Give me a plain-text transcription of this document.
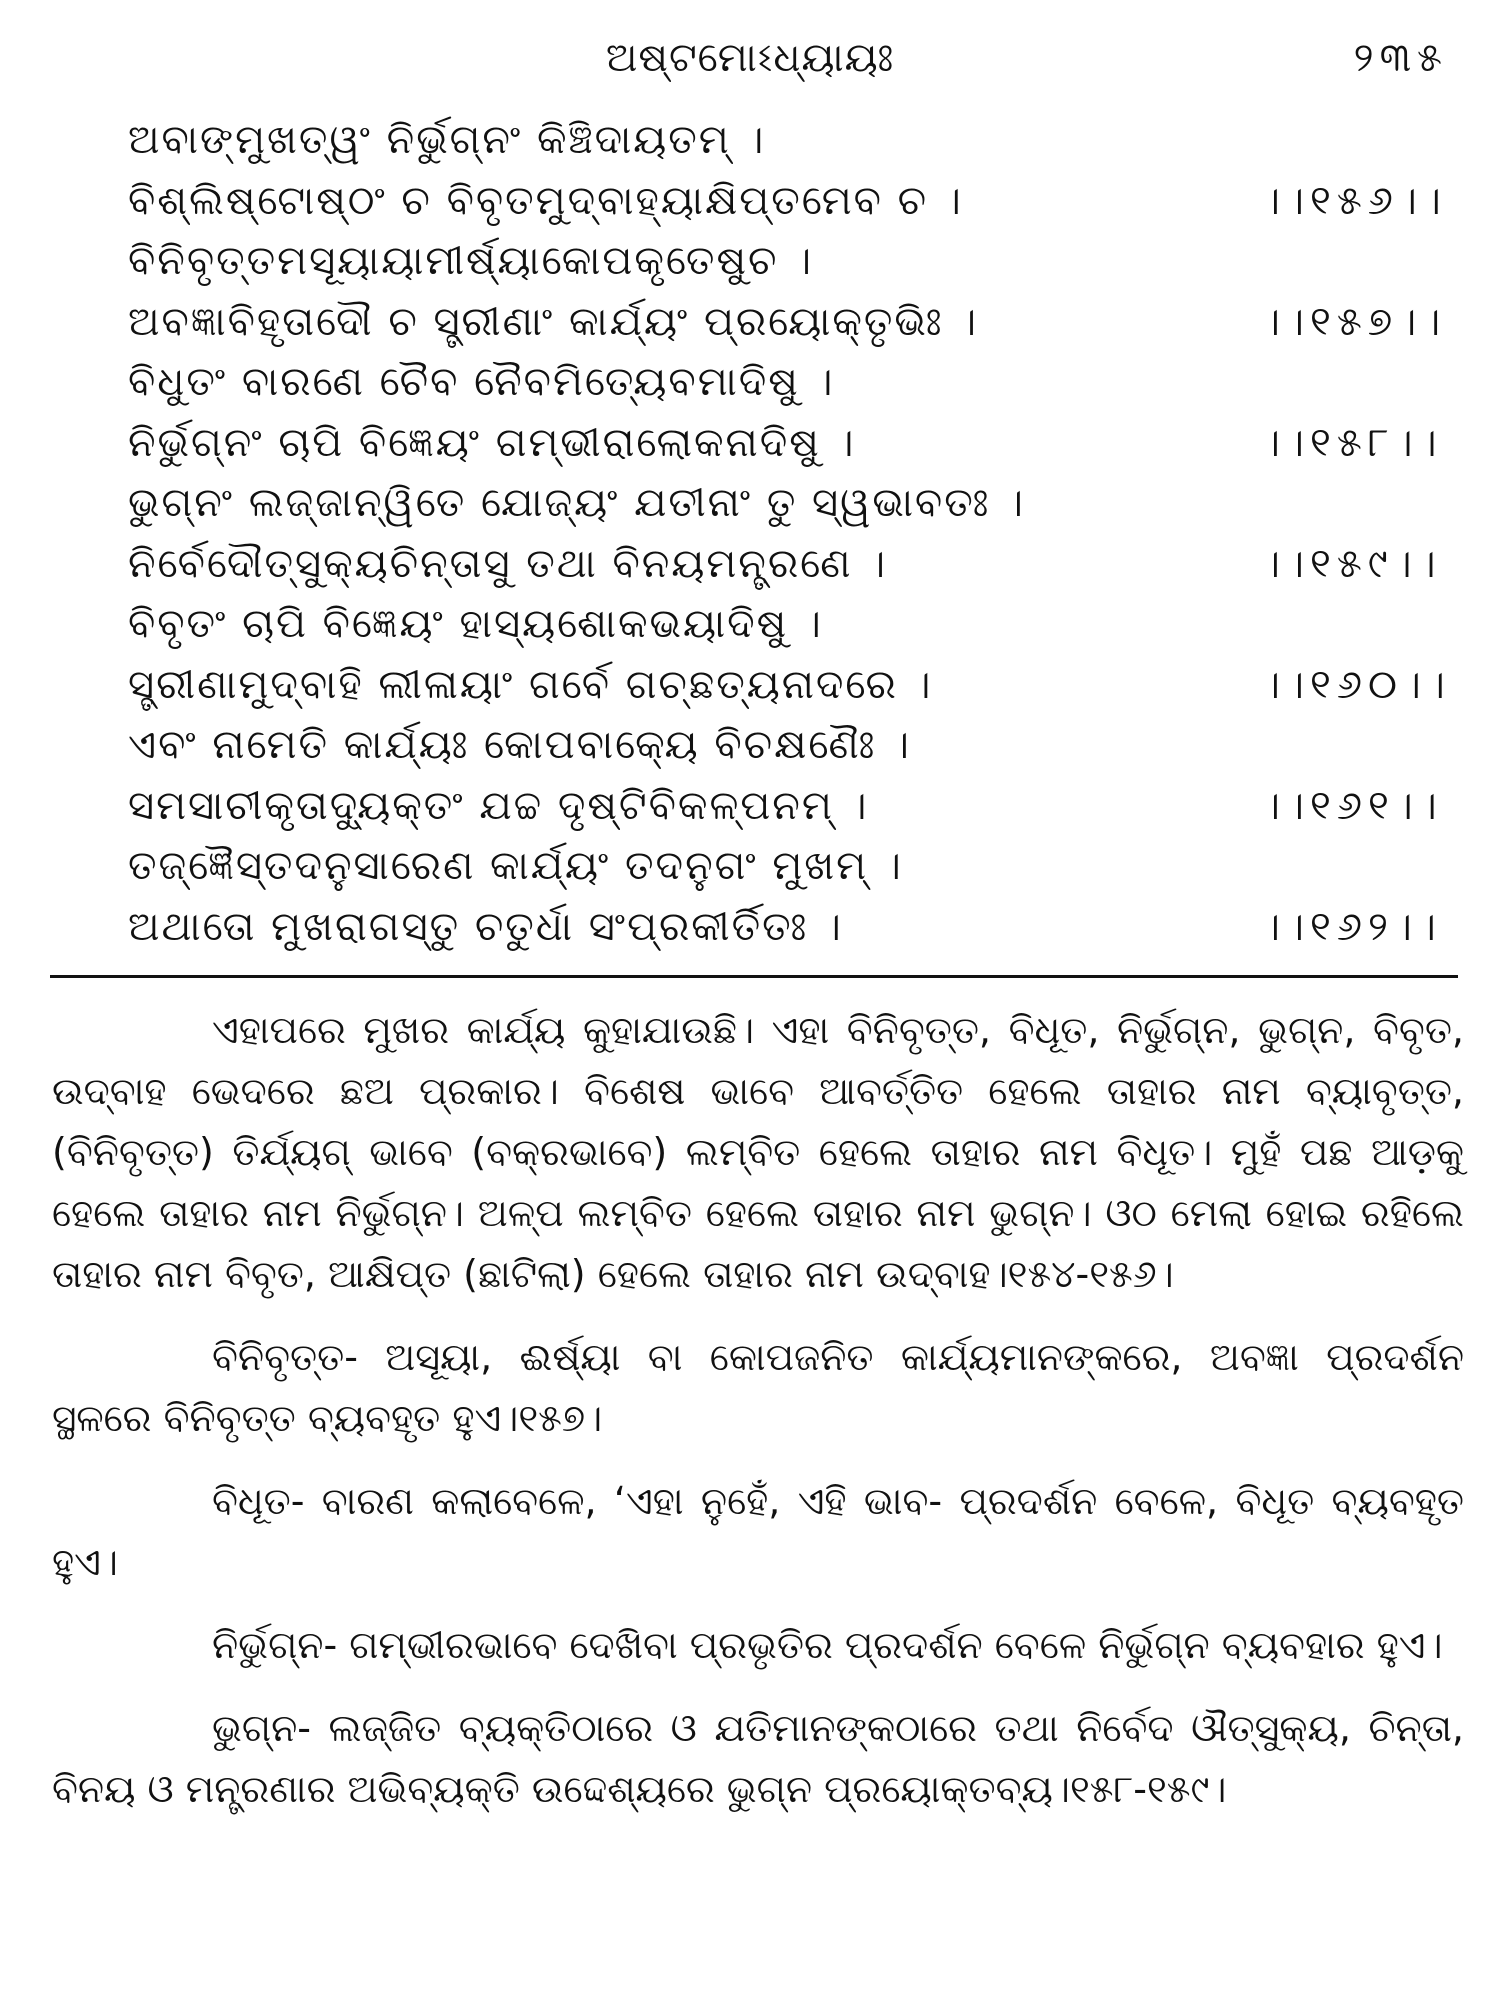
ଅଷ୍ଟମୋଽଧ୍ୟାୟଃ	୨୩୫
ଅବାଙ୍‌ମୁଖତ୍ୱଂ ନିର୍ଭୁଗ୍ନଂ କିଞ୍ଚିଦାୟତମ୍ ।
ବିଶ୍ଲିଷ୍ଟୋଷ୍ଠଂ ଚ ବିବୃତମୁଦ୍‌ବାହ୍ୟାକ୍ଷିପ୍ତମେବ ଚ ।	।।୧୫୬।।
ବିନିବୃତ୍ତମସୂୟାୟାମୀର୍ଷ୍ୟାକୋପକୃତେଷୁଚ ।
ଅବଜ୍ଞାବିହୃତାଦୌ ଚ ସ୍ତ୍ରୀଣାଂ କାର୍ଯ୍ୟଂ ପ୍ରୟୋକ୍ତୃଭିଃ ।	।।୧୫୭।।
ବିଧୁତଂ ବାରଣେ ଚୈବ ନୈବମିତ୍ୟେବମାଦିଷୁ ।
ନିର୍ଭୁଗ୍ନଂ ଚାପି ବିଜ୍ଞେୟଂ ଗମ୍ଭୀରାଲୋକନାଦିଷୁ ।	।।୧୫୮।।
ଭୁଗ୍ନଂ ଲଜ୍ଜାନ୍ୱିତେ ଯୋଜ୍ୟଂ ଯତୀନାଂ ତୁ ସ୍ୱଭାବତଃ ।
ନିର୍ବେଦୌତ୍ସୁକ୍ୟଚିନ୍ତାସୁ ତଥା ବିନୟମନ୍ତ୍ରଣେ ।	।।୧୫୯।।
ବିବୃତଂ ଚାପି ବିଜ୍ଞେୟଂ ହାସ୍ୟଶୋକଭୟାଦିଷୁ ।
ସ୍ତ୍ରୀଣାମୁଦ୍‌ବାହି ଲୀଳାୟାଂ ଗର୍ବେ ଗଚ୍ଛତ୍ୟନାଦରେ ।	।।୧୬୦।।
ଏବଂ ନାମେତି କାର୍ଯ୍ୟଃ କୋପବାକ୍ୟେ ବିଚକ୍ଷଣୈଃ ।
ସମସାଚୀକୃତାଦ୍ୟୁକ୍ତଂ ଯଚ୍ଚ ଦୃଷ୍ଟିବିକଳ୍ପନମ୍ ।	।।୧୬୧।।
ତଜ୍‌ଜ୍ଞୈସ୍ତଦନୁସାରେଣ କାର୍ଯ୍ୟଂ ତଦନୁଗଂ ମୁଖମ୍ ।
ଅଥାତୋ ମୁଖରାଗସ୍ତୁ ଚତୁର୍ଧା ସଂପ୍ରକୀର୍ତିତଃ ।	।।୧୬୨।।

ଏହାପରେ ମୁଖର କାର୍ଯ୍ୟ କୁହାଯାଉଛି। ଏହା ବିନିବୃତ୍ତ, ବିଧୂତ, ନିର୍ଭୁଗ୍ନ, ଭୁଗ୍ନ, ବିବୃତ, ଉଦ୍‌ବାହ ଭେଦରେ ଛଅ ପ୍ରକାର। ବିଶେଷ ଭାବେ ଆବର୍ତ୍ତିତ ହେଲେ ତାହାର ନାମ ବ୍ୟାବୃତ୍ତ, (ବିନିବୃତ୍ତ) ତିର୍ଯ୍ୟଗ୍ ଭାବେ (ବକ୍ରଭାବେ) ଲମ୍ବିତ ହେଲେ ତାହାର ନାମ ବିଧୂତ। ମୁହଁ ପଛ ଆଡ଼କୁ ହେଲେ ତାହାର ନାମ ନିର୍ଭୁଗ୍ନ। ଅଳ୍ପ ଲମ୍ବିତ ହେଲେ ତାହାର ନାମ ଭୁଗ୍ନ। ଓଠ ମେଲା ହୋଇ ରହିଲେ ତାହାର ନାମ ବିବୃତ, ଆକ୍ଷିପ୍ତ (ଛାଟିଲା) ହେଲେ ତାହାର ନାମ ଉଦ୍‌ବାହ।୧୫୪-୧୫୬।

ବିନିବୃତ୍ତ- ଅସୂୟା, ଈର୍ଷ୍ୟା ବା କୋପଜନିତ କାର୍ଯ୍ୟମାନଙ୍କରେ, ଅବଜ୍ଞା ପ୍ରଦର୍ଶନ ସ୍ଥଳରେ ବିନିବୃତ୍ତ ବ୍ୟବହୃତ ହୁଏ।୧୫୭।

ବିଧୂତ- ବାରଣ କଲାବେଳେ, ‘ଏହା ନୁହେଁ, ଏହି ଭାବ- ପ୍ରଦର୍ଶନ ବେଳେ, ବିଧୂତ ବ୍ୟବହୃତ ହୁଏ।

ନିର୍ଭୁଗ୍ନ- ଗମ୍ଭୀରଭାବେ ଦେଖିବା ପ୍ରଭୃତିର ପ୍ରଦର୍ଶନ ବେଳେ ନିର୍ଭୁଗ୍ନ ବ୍ୟବହାର ହୁଏ।

ଭୁଗ୍ନ- ଲଜ୍ଜିତ ବ୍ୟକ୍ତିଠାରେ ଓ ଯତିମାନଙ୍କଠାରେ ତଥା ନିର୍ବେଦ ଔତ୍ସୁକ୍ୟ, ଚିନ୍ତା, ବିନୟ ଓ ମନ୍ତ୍ରଣାର ଅଭିବ୍ୟକ୍ତି ଉଦ୍ଦେଶ୍ୟରେ ଭୁଗ୍ନ ପ୍ରୟୋକ୍ତବ୍ୟ।୧୫୮-୧୫୯।
